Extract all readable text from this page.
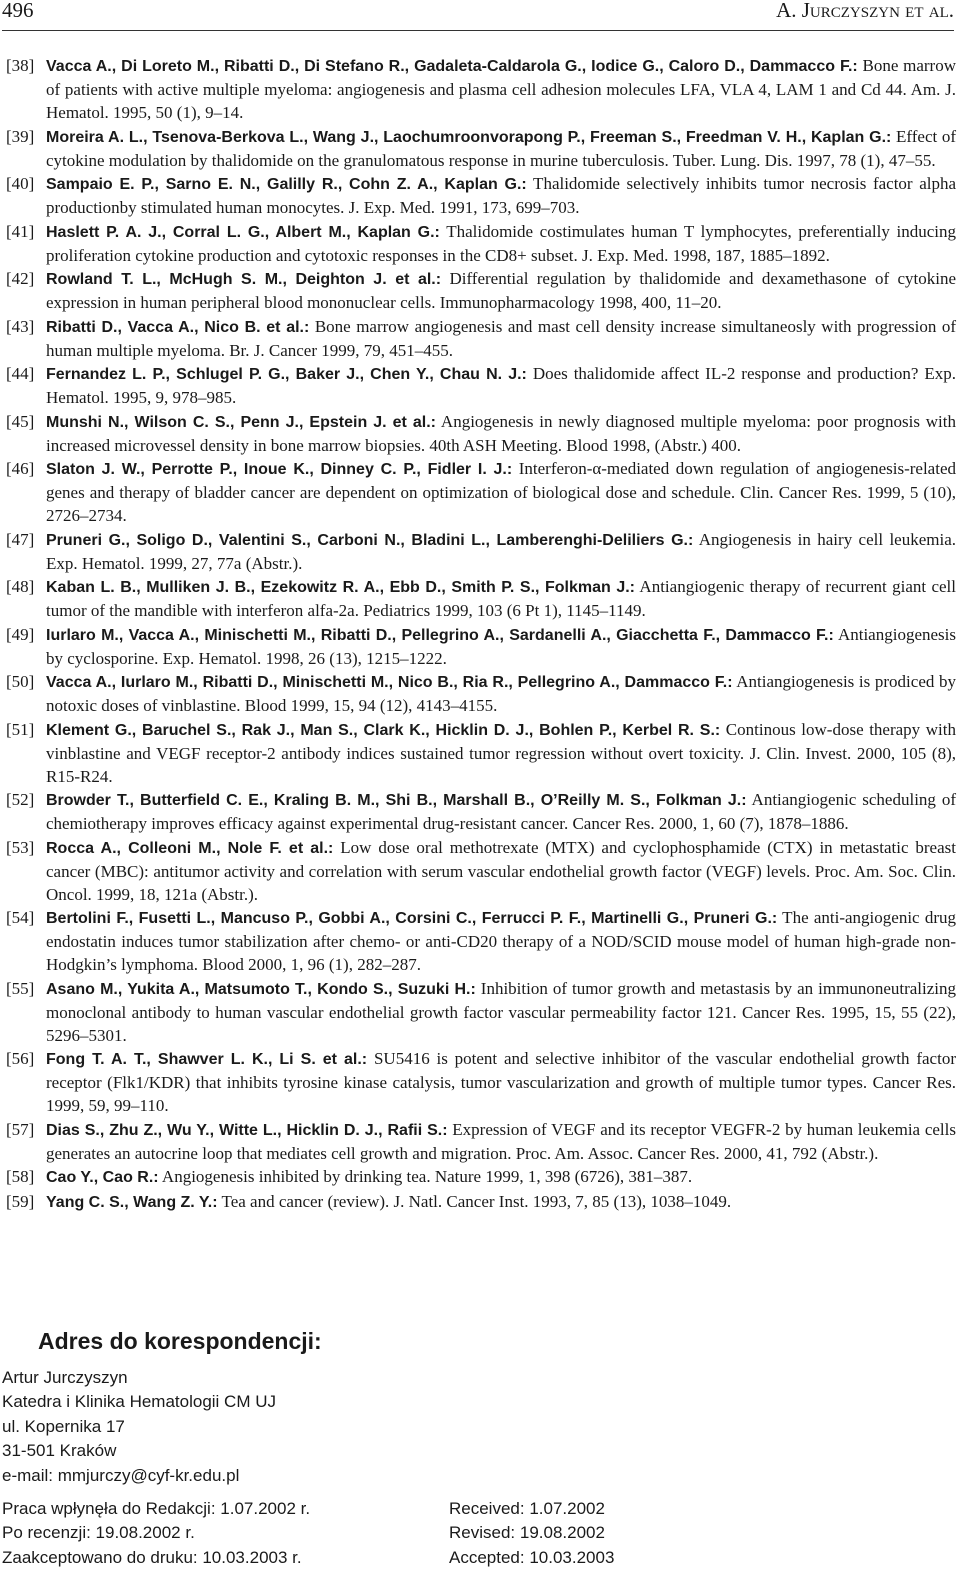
496	A. Jurczyszyn et al.
[38] Vacca A., Di Loreto M., Ribatti D., Di Stefano R., Gadaleta-Caldarola G., Iodice G., Caloro D., Dammacco F.: Bone marrow of patients with active multiple myeloma: angiogenesis and plasma cell adhesion molecules LFA, VLA 4, LAM 1 and Cd 44. Am. J. Hematol. 1995, 50 (1), 9–14.
[39] Moreira A. L., Tsenova-Berkova L., Wang J., Laochumroonvorapong P., Freeman S., Freedman V. H., Kaplan G.: Effect of cytokine modulation by thalidomide on the granulomatous response in murine tuberculosis. Tuber. Lung. Dis. 1997, 78 (1), 47–55.
[40] Sampaio E. P., Sarno E. N., Galilly R., Cohn Z. A., Kaplan G.: Thalidomide selectively inhibits tumor necrosis factor alpha productionby stimulated human monocytes. J. Exp. Med. 1991, 173, 699–703.
[41] Haslett P. A. J., Corral L. G., Albert M., Kaplan G.: Thalidomide costimulates human T lymphocytes, preferentially inducing proliferation cytokine production and cytotoxic responses in the CD8+ subset. J. Exp. Med. 1998, 187, 1885–1892.
[42] Rowland T. L., McHugh S. M., Deighton J. et al.: Differential regulation by thalidomide and dexamethasone of cytokine expression in human peripheral blood mononuclear cells. Immunopharmacology 1998, 400, 11–20.
[43] Ribatti D., Vacca A., Nico B. et al.: Bone marrow angiogenesis and mast cell density increase simultaneosly with progression of human multiple myeloma. Br. J. Cancer 1999, 79, 451–455.
[44] Fernandez L. P., Schlugel P. G., Baker J., Chen Y., Chau N. J.: Does thalidomide affect IL-2 response and production? Exp. Hematol. 1995, 9, 978–985.
[45] Munshi N., Wilson C. S., Penn J., Epstein J. et al.: Angiogenesis in newly diagnosed multiple myeloma: poor prognosis with increased microvessel density in bone marrow biopsies. 40th ASH Meeting. Blood 1998, (Abstr.) 400.
[46] Slaton J. W., Perrotte P., Inoue K., Dinney C. P., Fidler I. J.: Interferon-α-mediated down regulation of angiogenesis-related genes and therapy of bladder cancer are dependent on optimization of biological dose and schedule. Clin. Cancer Res. 1999, 5 (10), 2726–2734.
[47] Pruneri G., Soligo D., Valentini S., Carboni N., Bladini L., Lamberenghi-Deliliers G.: Angiogenesis in hairy cell leukemia. Exp. Hematol. 1999, 27, 77a (Abstr.).
[48] Kaban L. B., Mulliken J. B., Ezekowitz R. A., Ebb D., Smith P. S., Folkman J.: Antiangiogenic therapy of recurrent giant cell tumor of the mandible with interferon alfa-2a. Pediatrics 1999, 103 (6 Pt 1), 1145–1149.
[49] Iurlaro M., Vacca A., Minischetti M., Ribatti D., Pellegrino A., Sardanelli A., Giacchetta F., Dammacco F.: Antiangiogenesis by cyclosporine. Exp. Hematol. 1998, 26 (13), 1215–1222.
[50] Vacca A., Iurlaro M., Ribatti D., Minischetti M., Nico B., Ria R., Pellegrino A., Dammacco F.: Antiangiogenesis is prodiced by notoxic doses of vinblastine. Blood 1999, 15, 94 (12), 4143–4155.
[51] Klement G., Baruchel S., Rak J., Man S., Clark K., Hicklin D. J., Bohlen P., Kerbel R. S.: Continous low-dose therapy with vinblastine and VEGF receptor-2 antibody indices sustained tumor regression without overt toxicity. J. Clin. Invest. 2000, 105 (8), R15-R24.
[52] Browder T., Butterfield C. E., Kraling B. M., Shi B., Marshall B., O’Reilly M. S., Folkman J.: Antiangiogenic scheduling of chemiotherapy improves efficacy against experimental drug-resistant cancer. Cancer Res. 2000, 1, 60 (7), 1878–1886.
[53] Rocca A., Colleoni M., Nole F. et al.: Low dose oral methotrexate (MTX) and cyclophosphamide (CTX) in metastatic breast cancer (MBC): antitumor activity and correlation with serum vascular endothelial growth factor (VEGF) levels. Proc. Am. Soc. Clin. Oncol. 1999, 18, 121a (Abstr.).
[54] Bertolini F., Fusetti L., Mancuso P., Gobbi A., Corsini C., Ferrucci P. F., Martinelli G., Pruneri G.: The anti-angiogenic drug endostatin induces tumor stabilization after chemo- or anti-CD20 therapy of a NOD/SCID mouse model of human high-grade non-Hodgkin’s lymphoma. Blood 2000, 1, 96 (1), 282–287.
[55] Asano M., Yukita A., Matsumoto T., Kondo S., Suzuki H.: Inhibition of tumor growth and metastasis by an immunoneutralizing monoclonal antibody to human vascular endothelial growth factor vascular permeability factor 121. Cancer Res. 1995, 15, 55 (22), 5296–5301.
[56] Fong T. A. T., Shawver L. K., Li S. et al.: SU5416 is potent and selective inhibitor of the vascular endothelial growth factor receptor (Flk1/KDR) that inhibits tyrosine kinase catalysis, tumor vascularization and growth of multiple tumor types. Cancer Res. 1999, 59, 99–110.
[57] Dias S., Zhu Z., Wu Y., Witte L., Hicklin D. J., Rafii S.: Expression of VEGF and its receptor VEGFR-2 by human leukemia cells generates an autocrine loop that mediates cell growth and migration. Proc. Am. Assoc. Cancer Res. 2000, 41, 792 (Abstr.).
[58] Cao Y., Cao R.: Angiogenesis inhibited by drinking tea. Nature 1999, 1, 398 (6726), 381–387.
[59] Yang C. S., Wang Z. Y.: Tea and cancer (review). J. Natl. Cancer Inst. 1993, 7, 85 (13), 1038–1049.
Adres do korespondencji:
Artur Jurczyszyn
Katedra i Klinika Hematologii CM UJ
ul. Kopernika 17
31-501 Kraków
e-mail: mmjurczy@cyf-kr.edu.pl
Praca wpłynęła do Redakcji: 1.07.2002 r.
Po recenzji: 19.08.2002 r.
Zaakceptowano do druku: 10.03.2003 r.
Received: 1.07.2002
Revised: 19.08.2002
Accepted: 10.03.2003
